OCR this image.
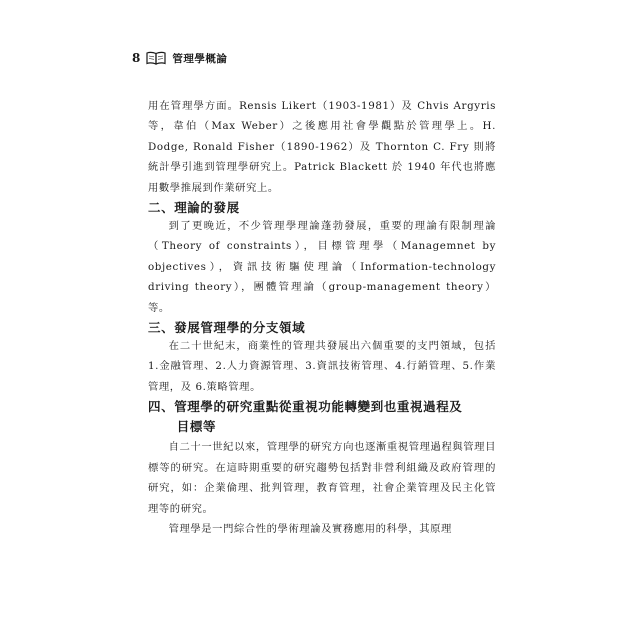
8	管理學概論

用在管理學方面。Rensis Likert（1903-1981）及 Chvis Argyris 等，韋伯（Max Weber）之後應用社會學觀點於管理學上。H. Dodge, Ronald Fisher（1890-1962）及 Thornton C. Fry 則將統計學引進到管理學研究上。Patrick Blackett 於 1940 年代也將應用數學推展到作業研究上。

二、理論的發展

到了更晚近，不少管理學理論蓬勃發展，重要的理論有限制理論（Theory of constraints），目標管理學（Managemnet by objectives），資訊技術驅使理論（Information-technology driving theory），團體管理論（group-management theory）等。

三、發展管理學的分支領域

在二十世紀末，商業性的管理共發展出六個重要的支門領域，包括 1.金融管理、2.人力資源管理、3.資訊技術管理、4.行銷管理、5.作業管理，及 6.策略管理。

四、管理學的研究重點從重視功能轉變到也重視過程及
目標等

自二十一世紀以來，管理學的研究方向也逐漸重視管理過程與管理目標等的研究。在這時期重要的研究趨勢包括對非營利組織及政府管理的研究，如：企業倫理、批判管理，教育管理，社會企業管理及民主化管理等的研究。

管理學是一門綜合性的學術理論及實務應用的科學，其原理
